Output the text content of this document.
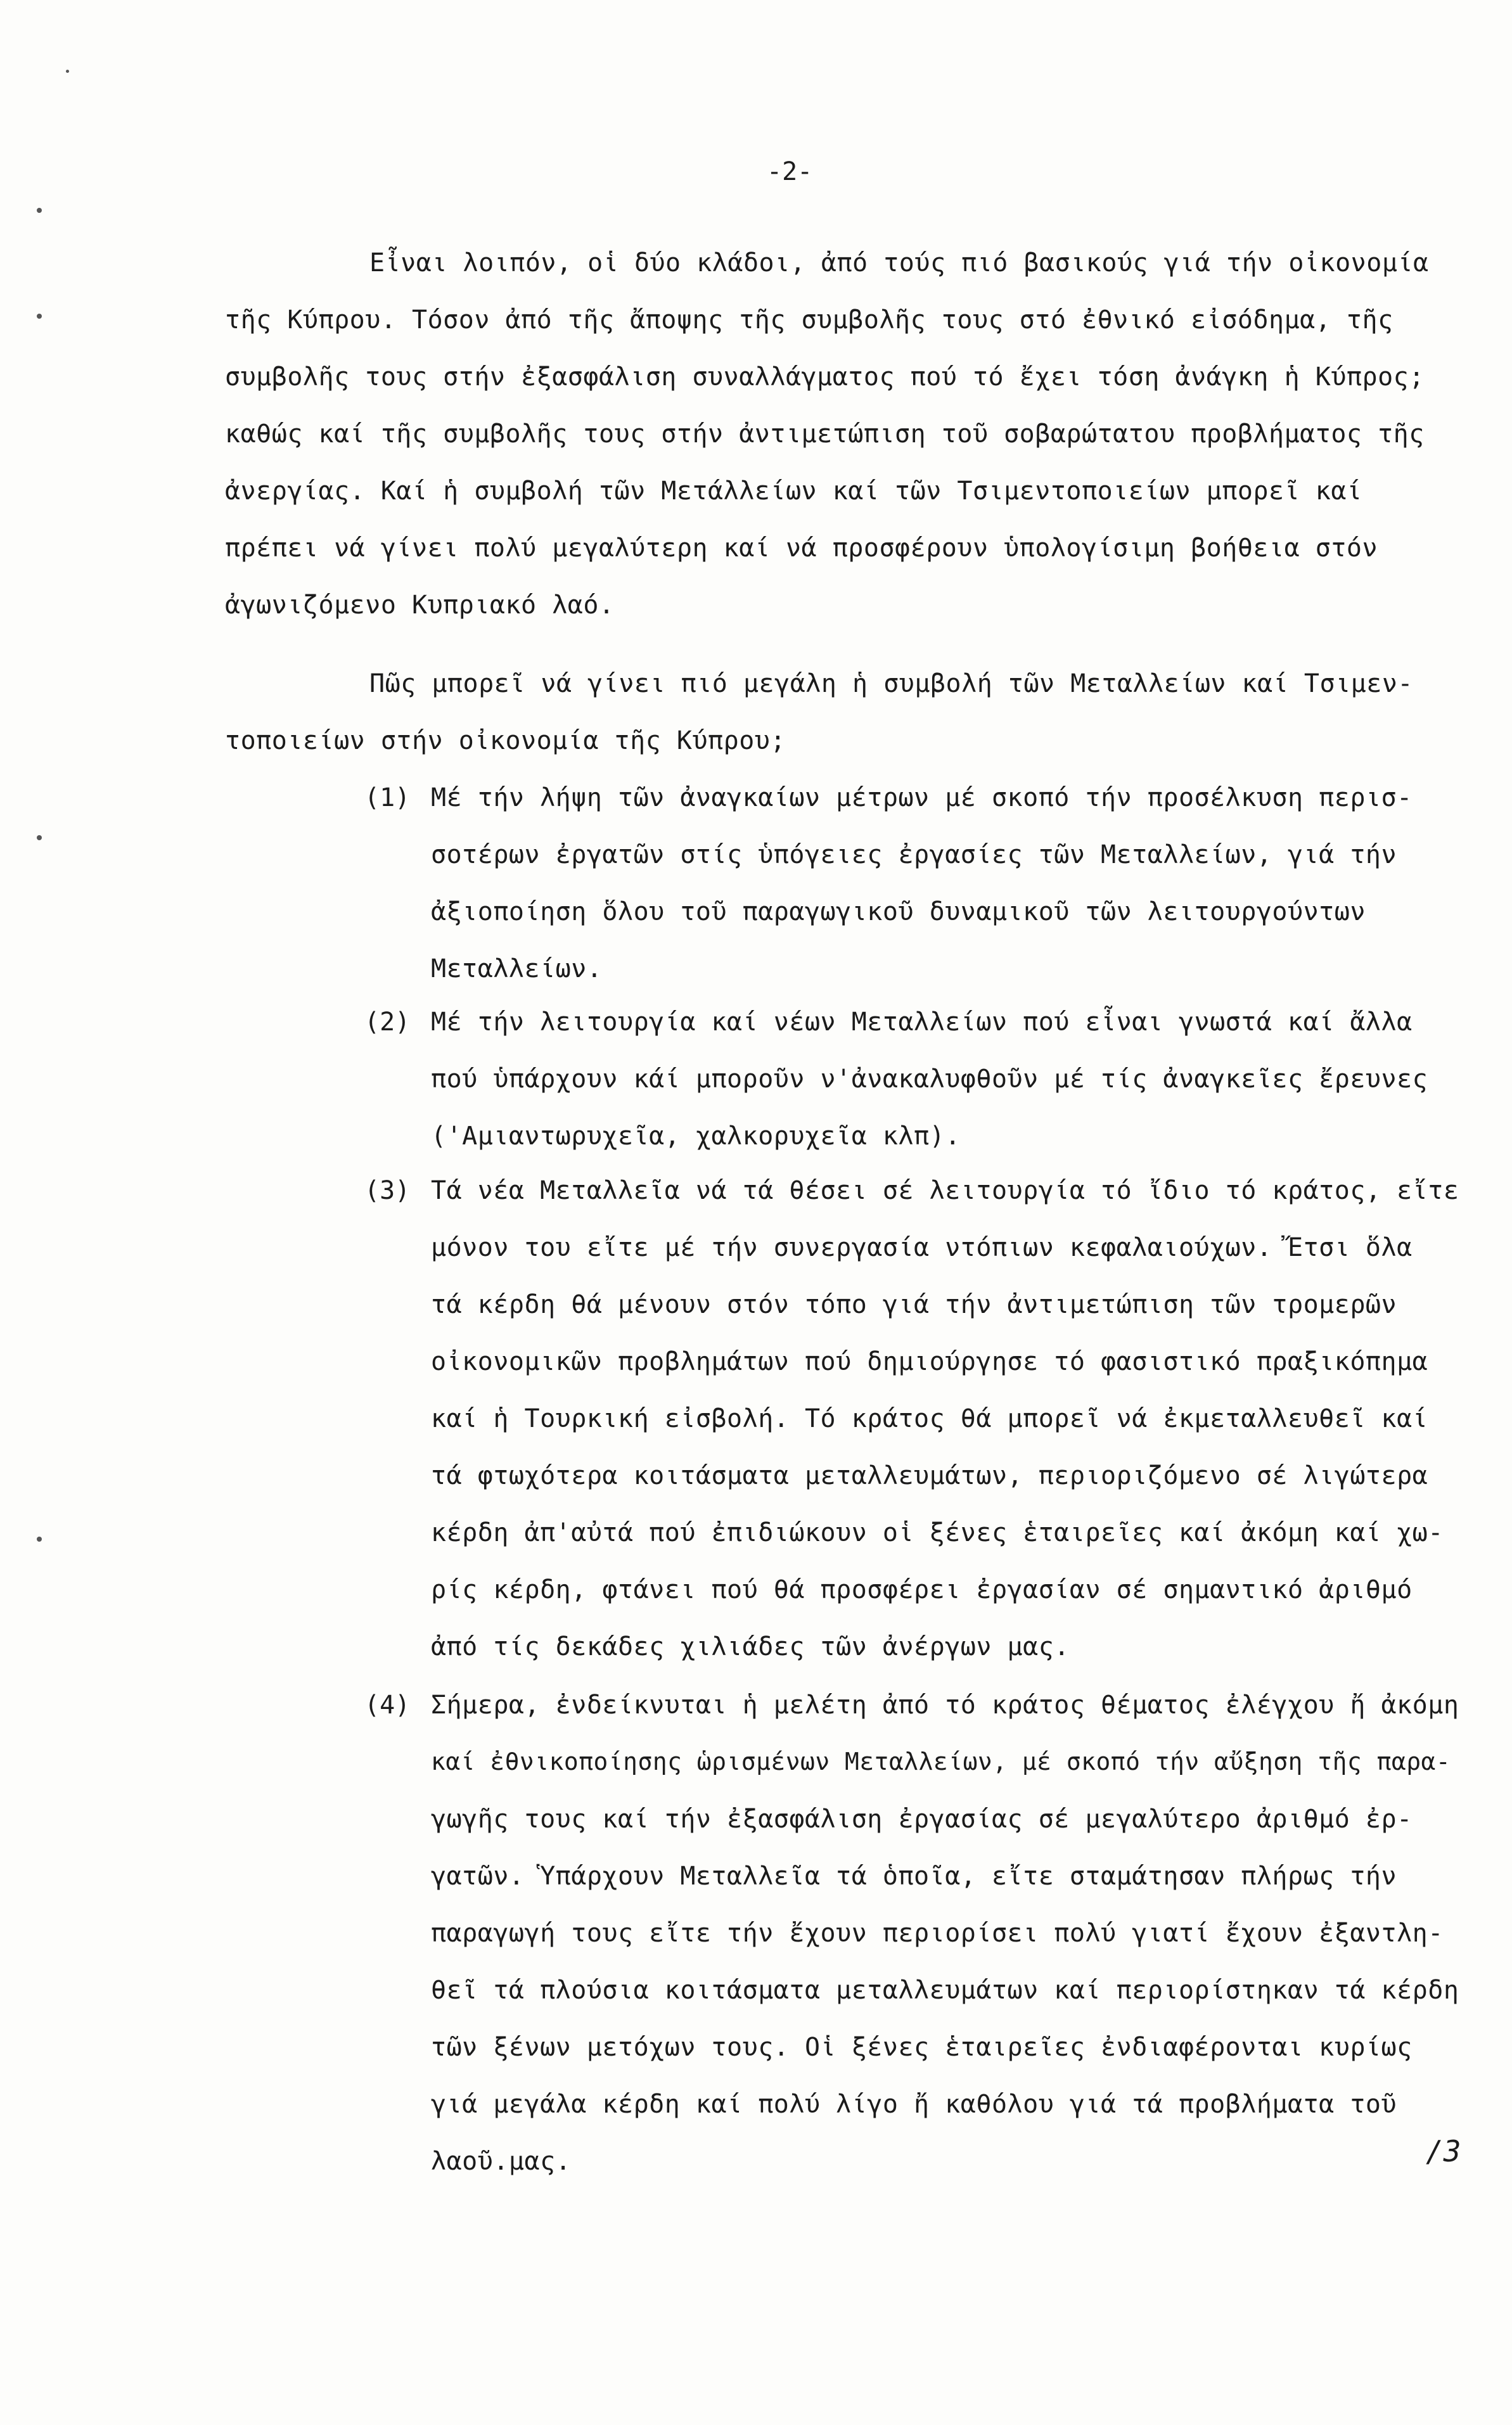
-2-
Εἶναι λοιπόν, οἱ δύο κλάδοι, ἀπό τούς πιό βασικούς γιά τήν οἰκονομία
τῆς Κύπρου. Τόσον ἀπό τῆς ἄποψης τῆς συμβολῆς τους στό ἐθνικό εἰσόδημα, τῆς
συμβολῆς τους στήν ἐξασφάλιση συναλλάγματος πού τό ἔχει τόση ἀνάγκη ἡ Κύπρος;
καθώς καί τῆς συμβολῆς τους στήν ἀντιμετώπιση τοῦ σοβαρώτατου προβλήματος τῆς
ἀνεργίας. Καί ἡ συμβολή τῶν Μετάλλείων καί τῶν Τσιμεντοποιείων μπορεῖ καί
πρέπει νά γίνει πολύ μεγαλύτερη καί νά προσφέρουν ὑπολογίσιμη βοήθεια στόν
ἀγωνιζόμενο Κυπριακό λαό.
Πῶς μπορεῖ νά γίνει πιό μεγάλη ἡ συμβολή τῶν Μεταλλείων καί Τσιμεν-
τοποιείων στήν οἰκονομία τῆς Κύπρου;
(1) Μέ τήν λήψη τῶν ἀναγκαίων μέτρων μέ σκοπό τήν προσέλκυση περισ-
σοτέρων ἐργατῶν στίς ὑπόγειες ἐργασίες τῶν Μεταλλείων, γιά τήν
ἀξιοποίηση ὅλου τοῦ παραγωγικοῦ δυναμικοῦ τῶν λειτουργούντων
Μεταλλείων.
(2) Μέ τήν λειτουργία καί νέων Μεταλλείων πού εἶναι γνωστά καί ἄλλα
πού ὑπάρχουν κάί μποροῦν ν'ἀνακαλυφθοῦν μέ τίς ἀναγκεῖες ἔρευνες
('Αμιαντωρυχεῖα, χαλκορυχεῖα κλπ).
(3) Τά νέα Μεταλλεῖα νά τά θέσει σέ λειτουργία τό ἴδιο τό κράτος, εἴτε
μόνον του εἴτε μέ τήν συνεργασία ντόπιων κεφαλαιούχων. Ἔτσι ὅλα
τά κέρδη θά μένουν στόν τόπο γιά τήν ἀντιμετώπιση τῶν τρομερῶν
οἰκονομικῶν προβλημάτων πού δημιούργησε τό φασιστικό πραξικόπημα
καί ἡ Τουρκική εἰσβολή. Τό κράτος θά μπορεῖ νά ἐκμεταλλευθεῖ καί
τά φτωχότερα κοιτάσματα μεταλλευμάτων, περιοριζόμενο σέ λιγώτερα
κέρδη ἀπ'αὐτά πού ἐπιδιώκουν οἱ ξένες ἑταιρεῖες καί ἀκόμη καί χω-
ρίς κέρδη, φτάνει πού θά προσφέρει ἐργασίαν σέ σημαντικό ἀριθμό
ἀπό τίς δεκάδες χιλιάδες τῶν ἀνέργων μας.
(4) Σήμερα, ἐνδείκνυται ἡ μελέτη ἀπό τό κράτος θέματος ἐλέγχου ἤ ἀκόμη
καί ἐθνικοποίησης ὡρισμένων Μεταλλείων, μέ σκοπό τήν αὔξηση τῆς παρα-
γωγῆς τους καί τήν ἐξασφάλιση ἐργασίας σέ μεγαλύτερο ἀριθμό ἐρ-
γατῶν. Ὑπάρχουν Μεταλλεῖα τά ὁποῖα, εἴτε σταμάτησαν πλήρως τήν
παραγωγή τους εἴτε τήν ἔχουν περιορίσει πολύ γιατί ἔχουν ἐξαντλη-
θεῖ τά πλούσια κοιτάσματα μεταλλευμάτων καί περιορίστηκαν τά κέρδη
τῶν ξένων μετόχων τους. Οἱ ξένες ἑταιρεῖες ἐνδιαφέρονται κυρίως
γιά μεγάλα κέρδη καί πολύ λίγο ἤ καθόλου γιά τά προβλήματα τοῦ
λαοῦ.μας.	/3
